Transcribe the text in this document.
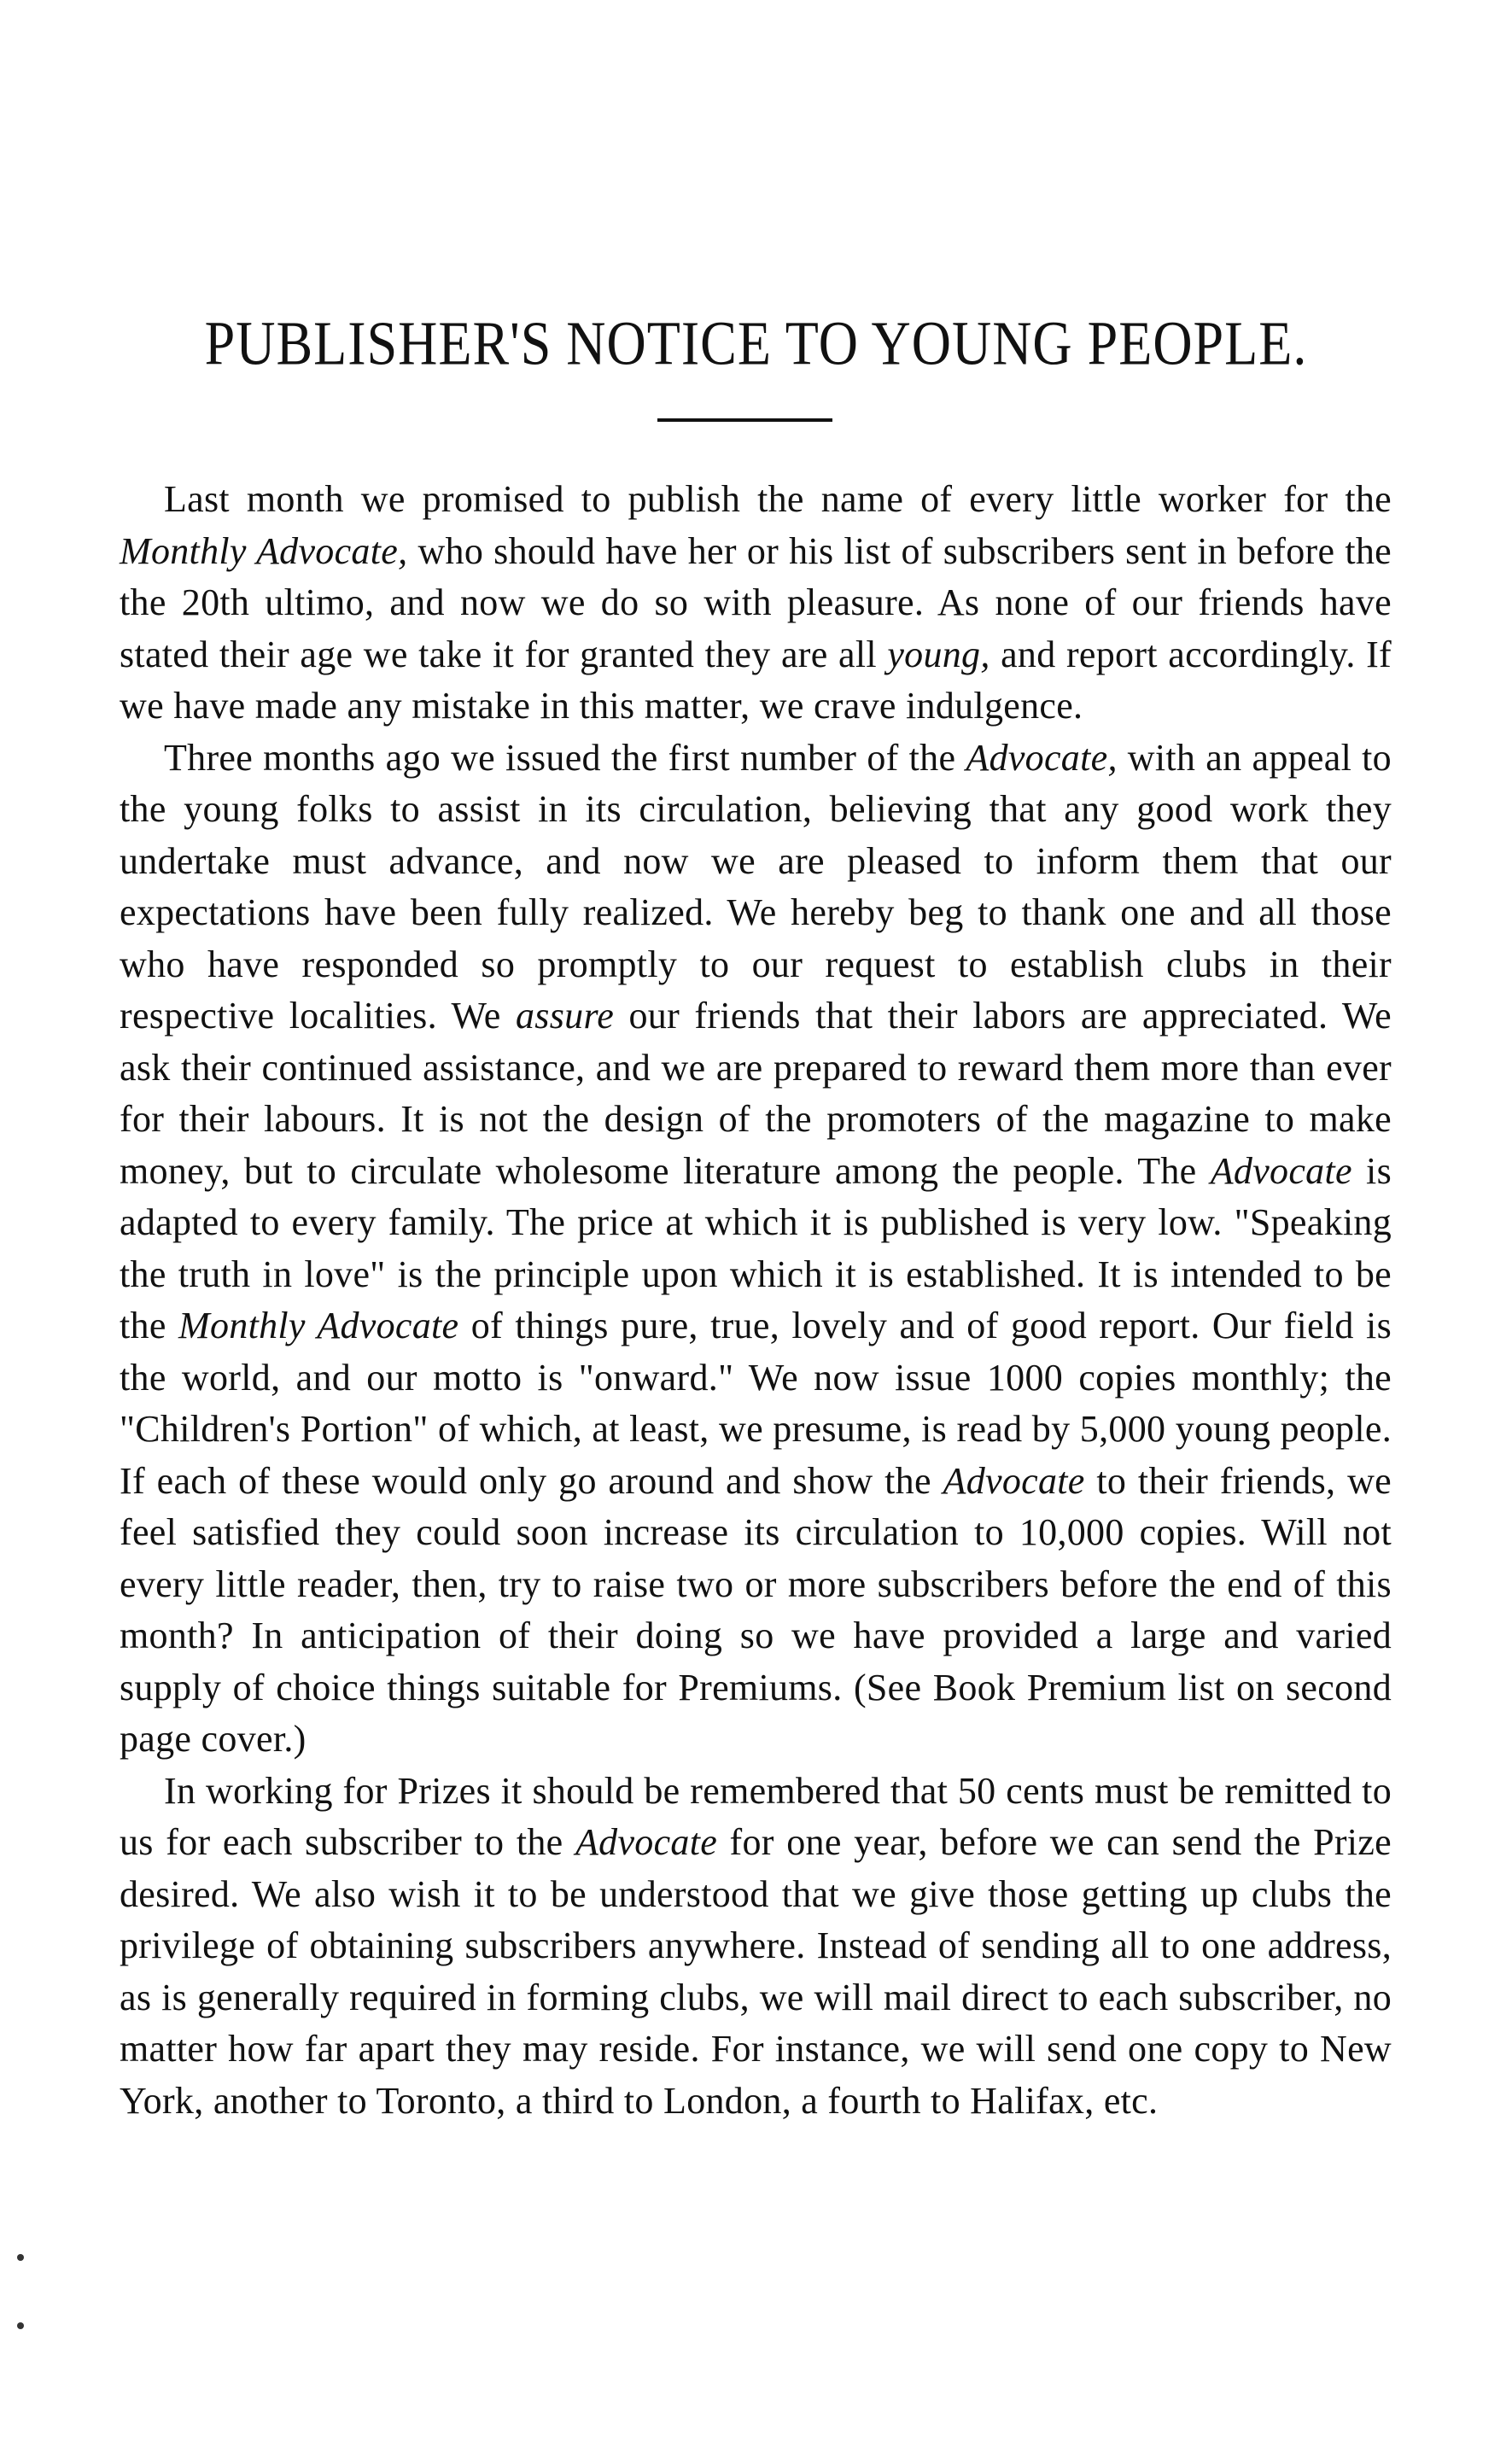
PUBLISHER'S NOTICE TO YOUNG PEOPLE.

Last month we promised to publish the name of every little worker for the Monthly Advocate, who should have her or his list of subscribers sent in before the the 20th ultimo, and now we do so with pleasure. As none of our friends have stated their age we take it for granted they are all young, and report accordingly. If we have made any mistake in this matter, we crave indulgence.

Three months ago we issued the first number of the Advocate, with an appeal to the young folks to assist in its circulation, believing that any good work they undertake must advance, and now we are pleased to inform them that our expectations have been fully realized. We hereby beg to thank one and all those who have responded so promptly to our request to establish clubs in their respective localities. We assure our friends that their labors are appreciated. We ask their continued assistance, and we are prepared to reward them more than ever for their labours. It is not the design of the promoters of the magazine to make money, but to circulate wholesome literature among the people. The Advocate is adapted to every family. The price at which it is published is very low. "Speaking the truth in love" is the principle upon which it is established. It is intended to be the Monthly Advocate of things pure, true, lovely and of good report. Our field is the world, and our motto is "onward." We now issue 1000 copies monthly; the "Children's Portion" of which, at least, we presume, is read by 5,000 young people. If each of these would only go around and show the Advocate to their friends, we feel satisfied they could soon increase its circulation to 10,000 copies. Will not every little reader, then, try to raise two or more subscribers before the end of this month? In anticipation of their doing so we have provided a large and varied supply of choice things suitable for Premiums. (See Book Premium list on second page cover.)

In working for Prizes it should be remembered that 50 cents must be remitted to us for each subscriber to the Advocate for one year, before we can send the Prize desired. We also wish it to be understood that we give those getting up clubs the privilege of obtaining subscribers anywhere. Instead of sending all to one address, as is generally required in forming clubs, we will mail direct to each subscriber, no matter how far apart they may reside. For instance, we will send one copy to New York, another to Toronto, a third to London, a fourth to Halifax, etc.
